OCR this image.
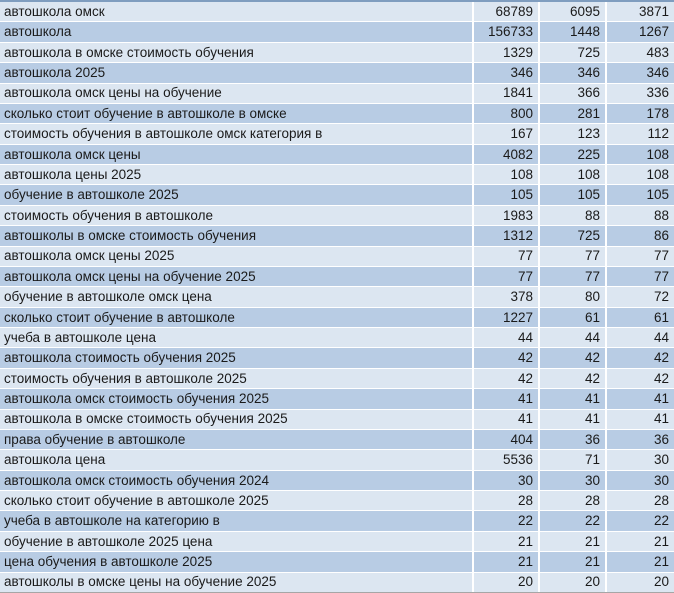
автошкола омск	68789	6095	3871
автошкола	156733	1448	1267
автошкола в омске стоимость обучения	1329	725	483
автошкола 2025	346	346	346
автошкола омск цены на обучение	1841	366	336
сколько стоит обучение в автошколе в омске	800	281	178
стоимость обучения в автошколе омск категория в	167	123	112
автошкола омск цены	4082	225	108
автошкола цены 2025	108	108	108
обучение в автошколе 2025	105	105	105
стоимость обучения в автошколе	1983	88	88
автошколы в омске стоимость обучения	1312	725	86
автошкола омск цены 2025	77	77	77
автошкола омск цены на обучение 2025	77	77	77
обучение в автошколе омск цена	378	80	72
сколько стоит обучение в автошколе	1227	61	61
учеба в автошколе цена	44	44	44
автошкола стоимость обучения 2025	42	42	42
стоимость обучения в автошколе 2025	42	42	42
автошкола омск стоимость обучения 2025	41	41	41
автошкола в омске стоимость обучения 2025	41	41	41
права обучение в автошколе	404	36	36
автошкола цена	5536	71	30
автошкола омск стоимость обучения 2024	30	30	30
сколько стоит обучение в автошколе 2025	28	28	28
учеба в автошколе на категорию в	22	22	22
обучение в автошколе 2025 цена	21	21	21
цена обучения в автошколе 2025	21	21	21
автошколы в омске цены на обучение 2025	20	20	20
